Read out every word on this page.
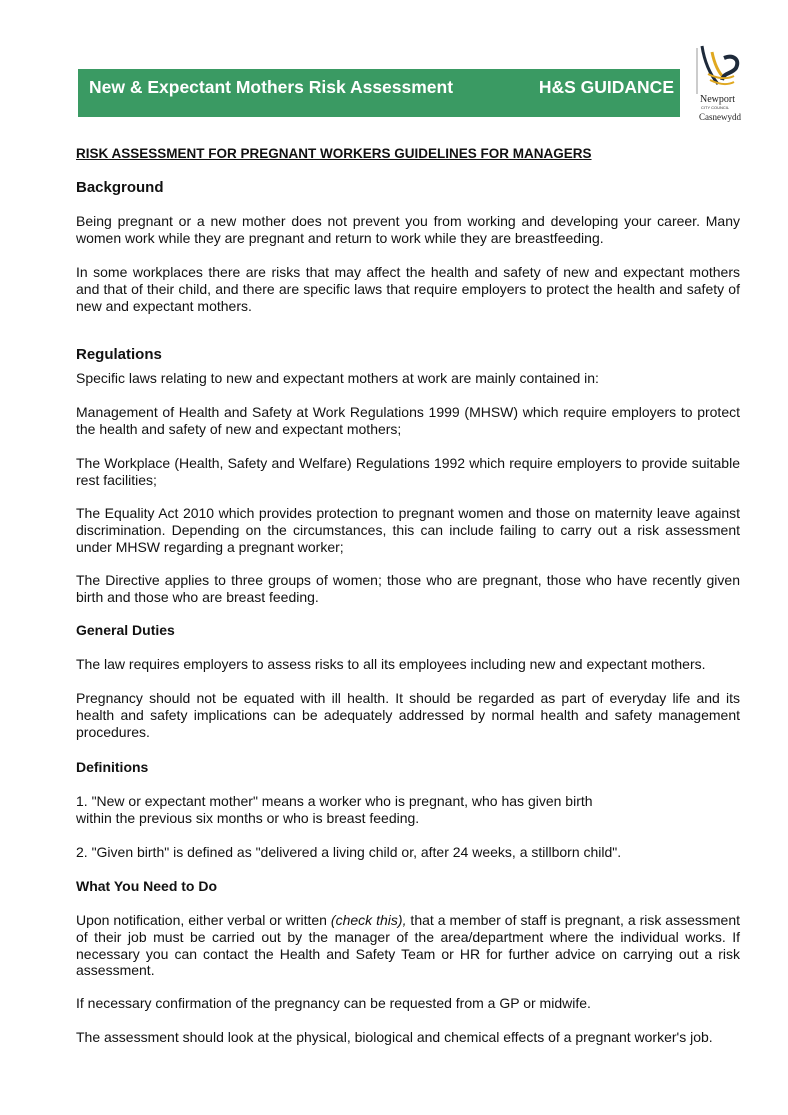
New & Expectant Mothers Risk Assessment	H&S GUIDANCE
Newport
CITY COUNCIL
Casnewydd
RISK ASSESSMENT FOR PREGNANT WORKERS GUIDELINES FOR MANAGERS
Background
Being pregnant or a new mother does not prevent you from working and developing your career. Many women work while they are pregnant and return to work while they are breastfeeding.
In some workplaces there are risks that may affect the health and safety of new and expectant mothers and that of their child, and there are specific laws that require employers to protect the health and safety of new and expectant mothers.
Regulations
Specific laws relating to new and expectant mothers at work are mainly contained in:
Management of Health and Safety at Work Regulations 1999 (MHSW) which require employers to protect the health and safety of new and expectant mothers;
The Workplace (Health, Safety and Welfare) Regulations 1992 which require employers to provide suitable rest facilities;
The Equality Act 2010 which provides protection to pregnant women and those on maternity leave against discrimination. Depending on the circumstances, this can include failing to carry out a risk assessment under MHSW regarding a pregnant worker;
The Directive applies to three groups of women; those who are pregnant, those who have recently given birth and those who are breast feeding.
General Duties
The law requires employers to assess risks to all its employees including new and expectant mothers.
Pregnancy should not be equated with ill health. It should be regarded as part of everyday life and its health and safety implications can be adequately addressed by normal health and safety management procedures.
Definitions
1. "New or expectant mother" means a worker who is pregnant, who has given birth
within the previous six months or who is breast feeding.
2. "Given birth" is defined as "delivered a living child or, after 24 weeks, a stillborn child".
What You Need to Do
Upon notification, either verbal or written (check this), that a member of staff is pregnant, a risk assessment of their job must be carried out by the manager of the area/department where the individual works. If necessary you can contact the Health and Safety Team or HR for further advice on carrying out a risk assessment.
If necessary confirmation of the pregnancy can be requested from a GP or midwife.
The assessment should look at the physical, biological and chemical effects of a pregnant worker's job.
